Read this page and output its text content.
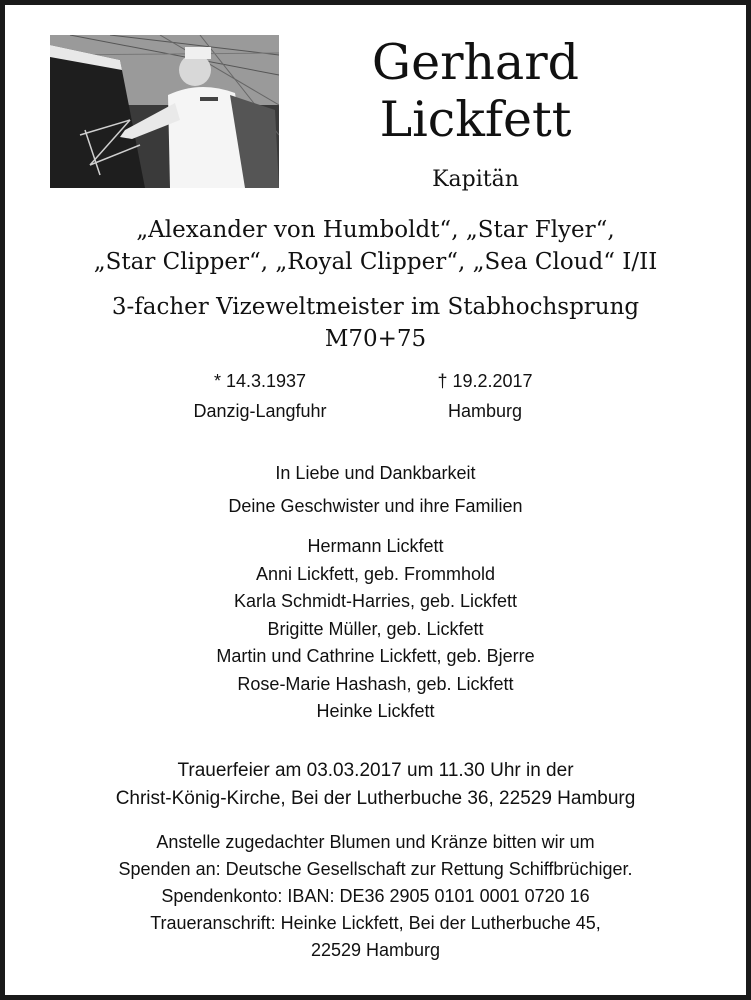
Gerhard
Lickfett
Kapitän
„Alexander von Humboldt“, „Star Flyer“,
„Star Clipper“, „Royal Clipper“, „Sea Cloud“ I/II
3-facher Vizeweltmeister im Stabhochsprung
M70+75
* 14.3.1937
Danzig-Langfuhr
† 19.2.2017
Hamburg
In Liebe und Dankbarkeit
Deine Geschwister und ihre Familien
Hermann Lickfett
Anni Lickfett, geb. Frommhold
Karla Schmidt-Harries, geb. Lickfett
Brigitte Müller, geb. Lickfett
Martin und Cathrine Lickfett, geb. Bjerre
Rose-Marie Hashash, geb. Lickfett
Heinke Lickfett
Trauerfeier am 03.03.2017 um 11.30 Uhr in der
Christ-König-Kirche, Bei der Lutherbuche 36, 22529 Hamburg
Anstelle zugedachter Blumen und Kränze bitten wir um
Spenden an: Deutsche Gesellschaft zur Rettung Schiffbrüchiger.
Spendenkonto: IBAN: DE36 2905 0101 0001 0720 16
Traueranschrift: Heinke Lickfett, Bei der Lutherbuche 45,
22529 Hamburg
